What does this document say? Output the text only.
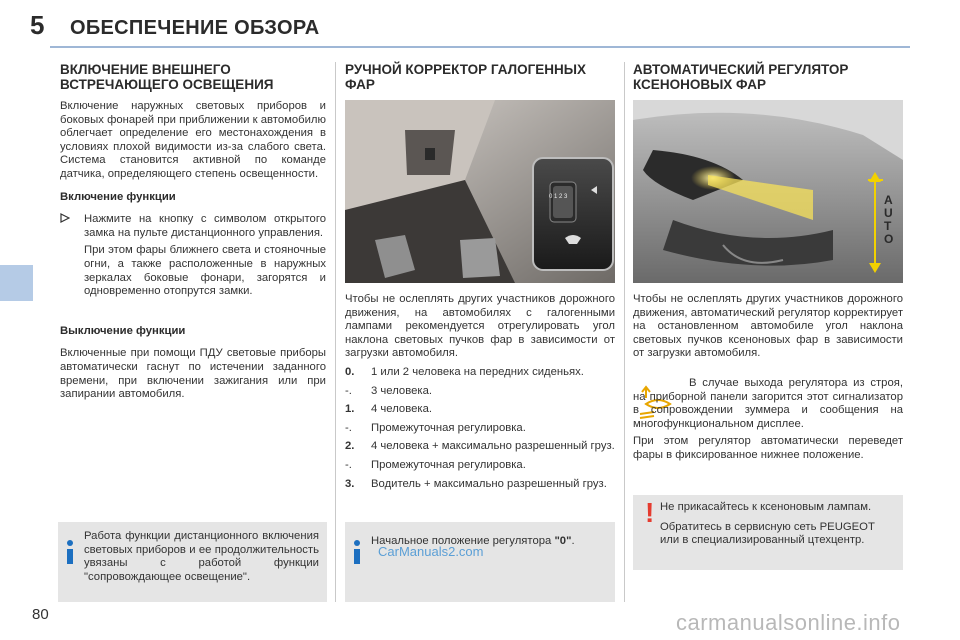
5 ОБЕСПЕЧЕНИЕ ОБЗОРА
80
ВКЛЮЧЕНИЕ ВНЕШНЕГО ВСТРЕЧАЮЩЕГО ОСВЕЩЕНИЯ

Включение наружных световых приборов и боковых фонарей при приближении к автомобилю облегчает определение его местонахождения в условиях плохой видимости из-за слабого света. Система становится активной по команде датчика, определяющего степень освещенности.

Включение функции

Нажмите на кнопку с символом открытого замка на пульте дистанционного управления.

При этом фары ближнего света и стояночные огни, а также расположенные в наружных зеркалах боковые фонари, загорятся и одновременно отопрутся замки.

Выключение функции

Включенные при помощи ПДУ световые приборы автоматически гаснут по истечении заданного времени, при включении зажигания или при запирании автомобиля.

Работа функции дистанционного включения световых приборов и ее продолжительность увязаны с работой функции "сопровождающее освещение".

РУЧНОЙ КОРРЕКТОР ГАЛОГЕННЫХ ФАР
0 1 2 3

Чтобы не ослеплять других участников дорожного движения, на автомобилях с галогенными лампами рекомендуется отрегулировать угол наклона световых пучков фар в зависимости от загрузки автомобиля.

0.	1 или 2 человека на передних сиденьях.
-.	3 человека.
1.	4 человека.
-.	Промежуточная регулировка.
2.	4 человека + максимально разрешенный груз.
-.	Промежуточная регулировка.
3.	Водитель + максимально разрешенный груз.

Начальное положение регулятора "0".

CarManuals2.com
АВТОМАТИЧЕСКИЙ РЕГУЛЯТОР КСЕНОНОВЫХ ФАР
AUTO

Чтобы не ослеплять других участников дорожного движения, автоматический регулятор корректирует на остановленном автомобиле угол наклона световых пучков ксеноновых фар в зависимости от загрузки автомобиля.

В случае выхода регулятора из строя, на приборной панели загорится этот сигнализатор в сопровождении зуммера и сообщения на многофункциональном дисплее.

При этом регулятор автоматически переведет фары в фиксированное нижнее положение.

! Не прикасайтесь к ксеноновым лампам.

Обратитесь в сервисную сеть PEUGEOT или в специализированный цтехцентр.

carmanualsonline.info
